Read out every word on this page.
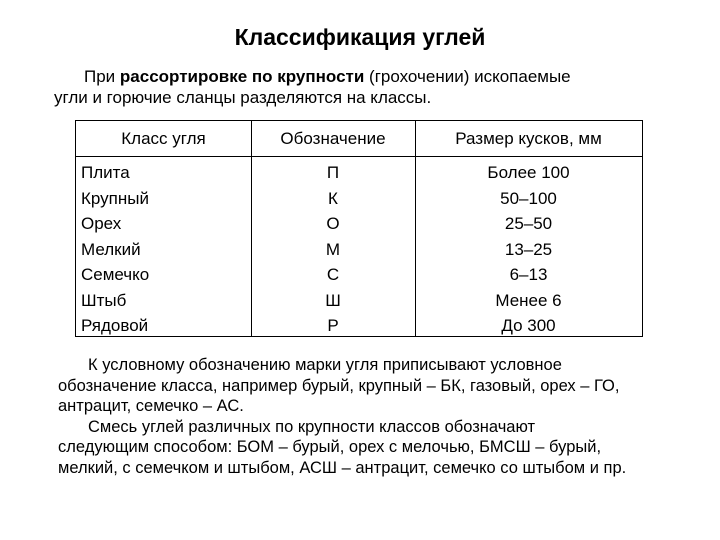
Классификация углей
При рассортировке по крупности (грохочении) ископаемые
угли и горючие сланцы разделяются на классы.
Класс угля	Обозначение	Размер кусков, мм
Плита	П	Более 100
Крупный	К	50–100
Орех	О	25–50
Мелкий	М	13–25
Семечко	С	6–13
Штыб	Ш	Менее 6
Рядовой	Р	До 300
К условному обозначению марки угля приписывают условное
обозначение класса, например бурый, крупный – БК, газовый, орех – ГО,
антрацит, семечко – АС.
Смесь углей различных по крупности классов обозначают
следующим способом: БОМ – бурый, орех с мелочью, БМСШ – бурый,
мелкий, с семечком и штыбом, АСШ – антрацит, семечко со штыбом и пр.
